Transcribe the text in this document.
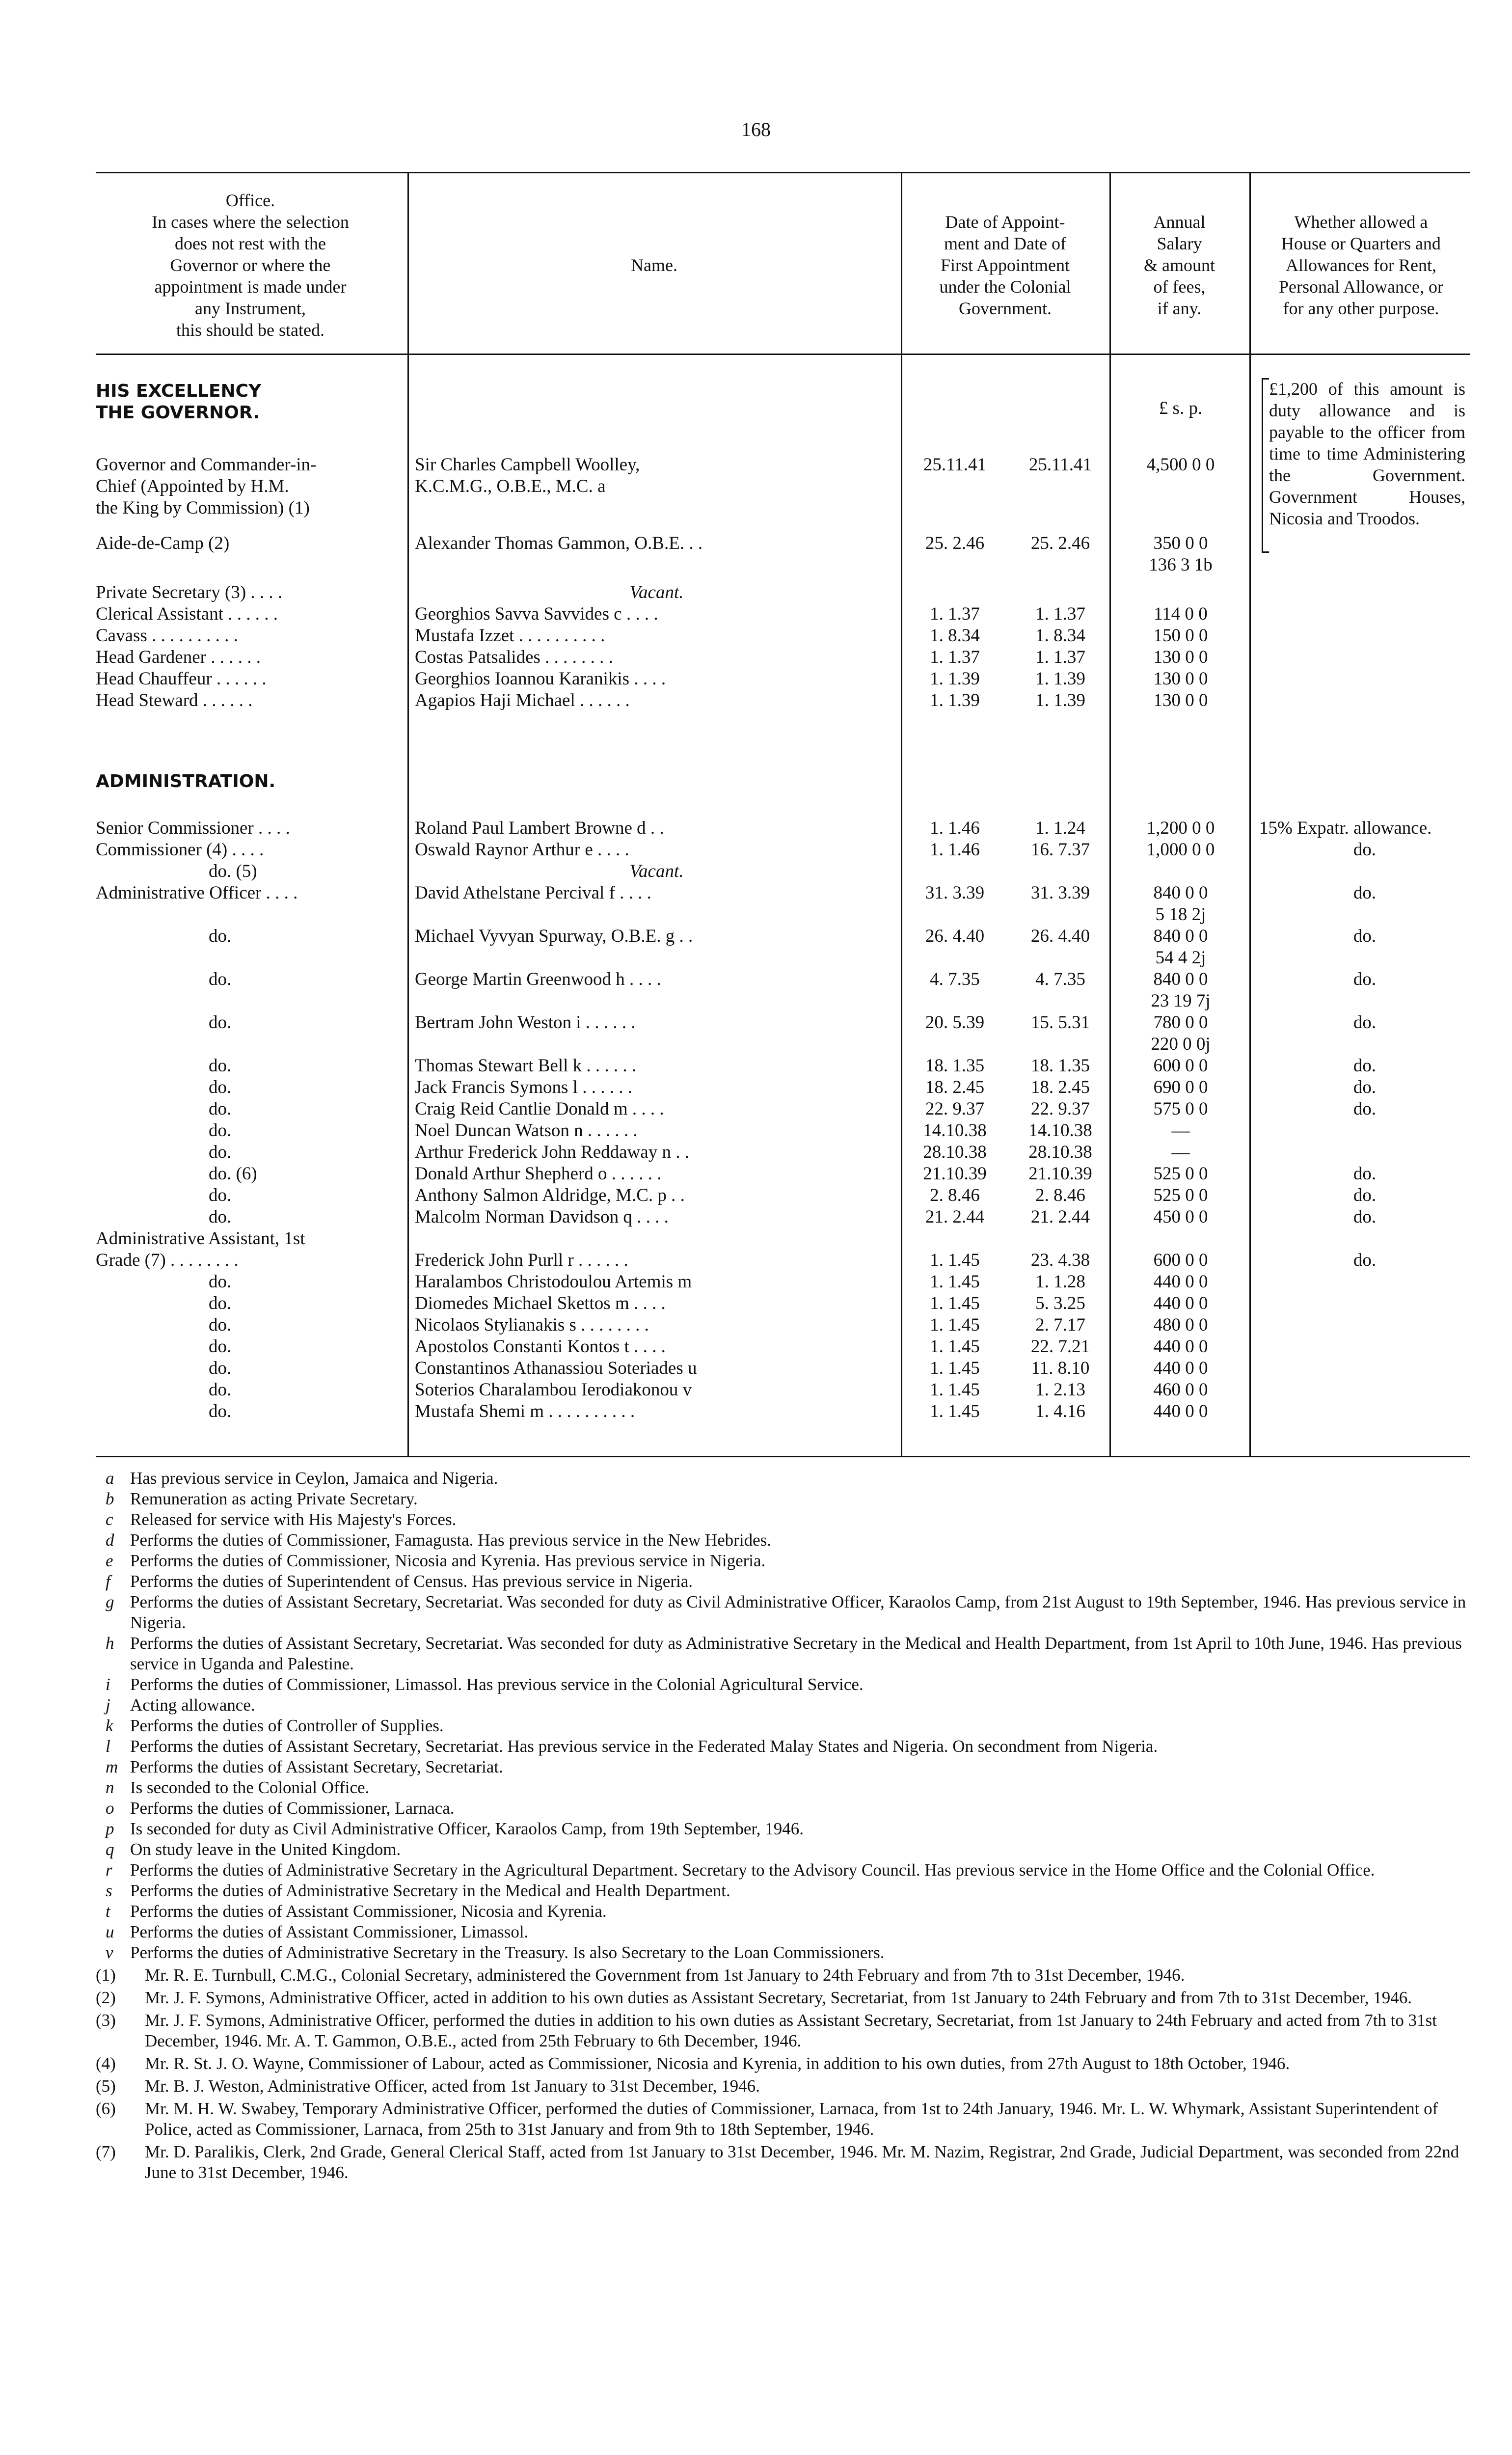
168
Office.
In cases where the selection
does not rest with the
Governor or where the
appointment is made under
any Instrument,
this should be stated.
Name.
Date of Appoint-
ment and Date of
First Appointment
under the Colonial
Government.
Annual
Salary
& amount
of fees,
if any.
Whether allowed a
House or Quarters and
Allowances for Rent,
Personal Allowance, or
for any other purpose.
HIS EXCELLENCY
THE GOVERNOR.	£ s. p.
£1,200 of this amount is duty allowance and is payable to the officer from time to time Administering the Government. Government Houses, Nicosia and Troodos.
Governor and Commander-in-	Sir Charles Campbell Woolley,	25.11.41	25.11.41	4,500 0 0
Chief (Appointed by H.M.	K.C.M.G., O.B.E., M.C. a
the King by Commission) (1)
Aide-de-Camp (2)	Alexander Thomas Gammon, O.B.E. . .	25. 2.46	25. 2.46	350 0 0
136 3 1b
Private Secretary (3) . . . .	Vacant.
Clerical Assistant . . . . . .	Georghios Savva Savvides c . . . .	1. 1.37	1. 1.37	114 0 0
Cavass . . . . . . . . . .	Mustafa Izzet . . . . . . . . . .	1. 8.34	1. 8.34	150 0 0
Head Gardener . . . . . .	Costas Patsalides . . . . . . . .	1. 1.37	1. 1.37	130 0 0
Head Chauffeur . . . . . .	Georghios Ioannou Karanikis . . . .	1. 1.39	1. 1.39	130 0 0
Head Steward . . . . . .	Agapios Haji Michael . . . . . .	1. 1.39	1. 1.39	130 0 0
ADMINISTRATION.
Senior Commissioner . . . .	Roland Paul Lambert Browne d . .	1. 1.46	1. 1.24	1,200 0 0	15% Expatr. allowance.
Commissioner (4) . . . .	Oswald Raynor Arthur e . . . .	1. 1.46	16. 7.37	1,000 0 0	do.
do. (5)	Vacant.
Administrative Officer . . . .	David Athelstane Percival f . . . .	31. 3.39	31. 3.39	840 0 0	do.
5 18 2j
do.	Michael Vyvyan Spurway, O.B.E. g . .	26. 4.40	26. 4.40	840 0 0	do.
54 4 2j
do.	George Martin Greenwood h . . . .	4. 7.35	4. 7.35	840 0 0	do.
23 19 7j
do.	Bertram John Weston i . . . . . .	20. 5.39	15. 5.31	780 0 0	do.
220 0 0j
do.	Thomas Stewart Bell k . . . . . .	18. 1.35	18. 1.35	600 0 0	do.
do.	Jack Francis Symons l . . . . . .	18. 2.45	18. 2.45	690 0 0	do.
do.	Craig Reid Cantlie Donald m . . . .	22. 9.37	22. 9.37	575 0 0	do.
do.	Noel Duncan Watson n . . . . . .	14.10.38	14.10.38	—
do.	Arthur Frederick John Reddaway n . .	28.10.38	28.10.38	—
do. (6)	Donald Arthur Shepherd o . . . . . .	21.10.39	21.10.39	525 0 0	do.
do.	Anthony Salmon Aldridge, M.C. p . .	2. 8.46	2. 8.46	525 0 0	do.
do.	Malcolm Norman Davidson q . . . .	21. 2.44	21. 2.44	450 0 0	do.
Administrative Assistant, 1st
Grade (7) . . . . . . . .	Frederick John Purll r . . . . . .	1. 1.45	23. 4.38	600 0 0	do.
do.	Haralambos Christodoulou Artemis m	1. 1.45	1. 1.28	440 0 0
do.	Diomedes Michael Skettos m . . . .	1. 1.45	5. 3.25	440 0 0
do.	Nicolaos Stylianakis s . . . . . . . .	1. 1.45	2. 7.17	480 0 0
do.	Apostolos Constanti Kontos t . . . .	1. 1.45	22. 7.21	440 0 0
do.	Constantinos Athanassiou Soteriades u	1. 1.45	11. 8.10	440 0 0
do.	Soterios Charalambou Ierodiakonou v	1. 1.45	1. 2.13	460 0 0
do.	Mustafa Shemi m . . . . . . . . . .	1. 1.45	1. 4.16	440 0 0

a Has previous service in Ceylon, Jamaica and Nigeria.

b Remuneration as acting Private Secretary.

c Released for service with His Majesty's Forces.

d Performs the duties of Commissioner, Famagusta. Has previous service in the New Hebrides.

e Performs the duties of Commissioner, Nicosia and Kyrenia. Has previous service in Nigeria.

f Performs the duties of Superintendent of Census. Has previous service in Nigeria.

g Performs the duties of Assistant Secretary, Secretariat. Was seconded for duty as Civil Administrative Officer, Karaolos Camp, from 21st August to 19th September, 1946. Has previous service in Nigeria.

h Performs the duties of Assistant Secretary, Secretariat. Was seconded for duty as Administrative Secretary in the Medical and Health Department, from 1st April to 10th June, 1946. Has previous service in Uganda and Palestine.

i Performs the duties of Commissioner, Limassol. Has previous service in the Colonial Agricultural Service.

j Acting allowance.

k Performs the duties of Controller of Supplies.

l Performs the duties of Assistant Secretary, Secretariat. Has previous service in the Federated Malay States and Nigeria. On secondment from Nigeria.

m Performs the duties of Assistant Secretary, Secretariat.

n Is seconded to the Colonial Office.

o Performs the duties of Commissioner, Larnaca.

p Is seconded for duty as Civil Administrative Officer, Karaolos Camp, from 19th September, 1946.

q On study leave in the United Kingdom.

r Performs the duties of Administrative Secretary in the Agricultural Department. Secretary to the Advisory Council. Has previous service in the Home Office and the Colonial Office.

s Performs the duties of Administrative Secretary in the Medical and Health Department.

t Performs the duties of Assistant Commissioner, Nicosia and Kyrenia.

u Performs the duties of Assistant Commissioner, Limassol.

v Performs the duties of Administrative Secretary in the Treasury. Is also Secretary to the Loan Commissioners.

(1) Mr. R. E. Turnbull, C.M.G., Colonial Secretary, administered the Government from 1st January to 24th February and from 7th to 31st December, 1946.

(2) Mr. J. F. Symons, Administrative Officer, acted in addition to his own duties as Assistant Secretary, Secretariat, from 1st January to 24th February and from 7th to 31st December, 1946.

(3) Mr. J. F. Symons, Administrative Officer, performed the duties in addition to his own duties as Assistant Secretary, Secretariat, from 1st January to 24th February and acted from 7th to 31st December, 1946. Mr. A. T. Gammon, O.B.E., acted from 25th February to 6th December, 1946.

(4) Mr. R. St. J. O. Wayne, Commissioner of Labour, acted as Commissioner, Nicosia and Kyrenia, in addition to his own duties, from 27th August to 18th October, 1946.

(5) Mr. B. J. Weston, Administrative Officer, acted from 1st January to 31st December, 1946.

(6) Mr. M. H. W. Swabey, Temporary Administrative Officer, performed the duties of Commissioner, Larnaca, from 1st to 24th January, 1946. Mr. L. W. Whymark, Assistant Superintendent of Police, acted as Commissioner, Larnaca, from 25th to 31st January and from 9th to 18th September, 1946.

(7) Mr. D. Paralikis, Clerk, 2nd Grade, General Clerical Staff, acted from 1st January to 31st December, 1946. Mr. M. Nazim, Registrar, 2nd Grade, Judicial Department, was seconded from 22nd June to 31st December, 1946.
